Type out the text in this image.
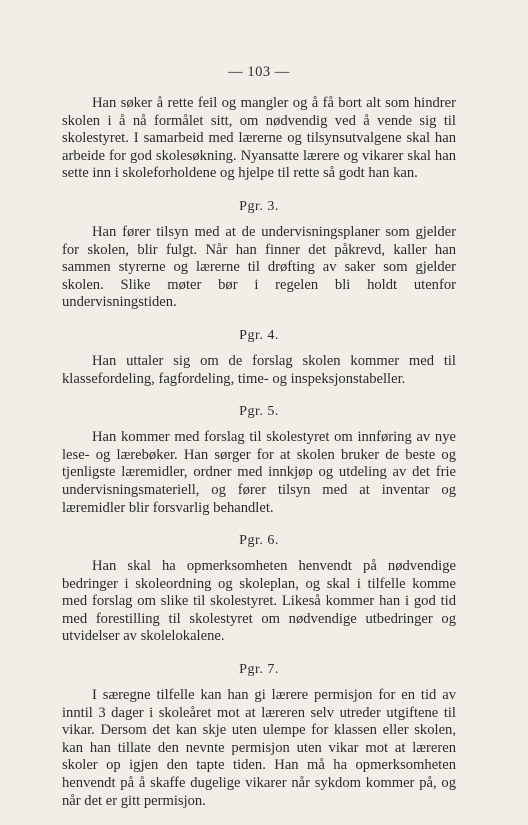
— 103 —

Han søker å rette feil og mangler og å få bort alt som hindrer skolen i å nå formålet sitt, om nødvendig ved å vende sig til skolestyret. I samarbeid med lærerne og tilsynsutvalgene skal han arbeide for god skolesøkning. Nyansatte lærere og vikarer skal han sette inn i skoleforholdene og hjelpe til rette så godt han kan.

Pgr. 3.

Han fører tilsyn med at de undervisningsplaner som gjelder for skolen, blir fulgt. Når han finner det påkrevd, kaller han sammen styrerne og lærerne til drøfting av saker som gjelder skolen. Slike møter bør i regelen bli holdt utenfor undervisningstiden.

Pgr. 4.

Han uttaler sig om de forslag skolen kommer med til klassefordeling, fagfordeling, time- og inspeksjonstabeller.

Pgr. 5.

Han kommer med forslag til skolestyret om innføring av nye lese- og lærebøker. Han sørger for at skolen bruker de beste og tjenligste læremidler, ordner med innkjøp og utdeling av det frie undervisningsmateriell, og fører tilsyn med at inventar og læremidler blir forsvarlig behandlet.

Pgr. 6.

Han skal ha opmerksomheten henvendt på nødvendige bedringer i skoleordning og skoleplan, og skal i tilfelle komme med forslag om slike til skolestyret. Likeså kommer han i god tid med forestilling til skolestyret om nødvendige utbedringer og utvidelser av skolelokalene.

Pgr. 7.

I særegne tilfelle kan han gi lærere permisjon for en tid av inntil 3 dager i skoleåret mot at læreren selv utreder utgiftene til vikar. Dersom det kan skje uten ulempe for klassen eller skolen, kan han tillate den nevnte permisjon uten vikar mot at læreren skoler op igjen den tapte tiden. Han må ha opmerksomheten henvendt på å skaffe dugelige vikarer når sykdom kommer på, og når det er gitt permisjon.
